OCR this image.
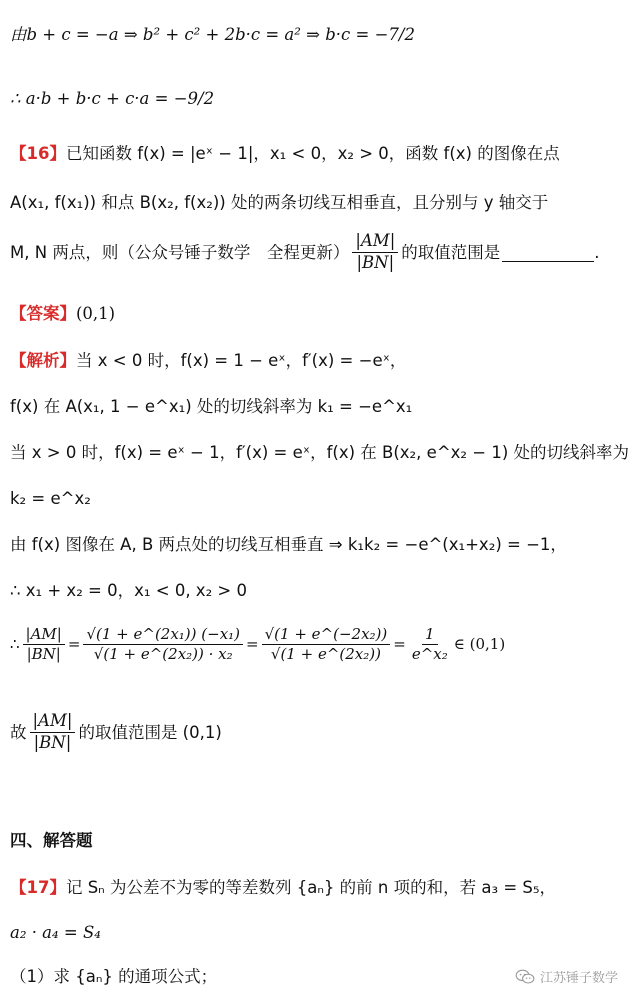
由b + c = −a ⇒ b² + c² + 2b·c = a² ⇒ b·c = −7/2
∴ a·b + b·c + c·a = −9/2
【16】 已知函数 f(x) = |eˣ − 1|，x₁ < 0，x₂ > 0，函数 f(x) 的图像在点
A(x₁, f(x₁)) 和点 B(x₂, f(x₂)) 处的两条切线互相垂直，且分别与 y 轴交于
M, N 两点，则（公众号锤子数学　全程更新） $\frac{|AM|}{|BN|}$ 的取值范围是	.
【答案】 (0,1)
【解析】 当 x < 0 时，f(x) = 1 − eˣ，f′(x) = −eˣ，
f(x) 在 A(x₁, 1 − e^x₁) 处的切线斜率为 k₁ = −e^x₁
当 x > 0 时，f(x) = eˣ − 1，f′(x) = eˣ，f(x) 在 B(x₂, e^x₂ − 1) 处的切线斜率为
k₂ = e^x₂
由 f(x) 图像在 A, B 两点处的切线互相垂直 ⇒ k₁k₂ = −e^(x₁+x₂) = −1，
∴ x₁ + x₂ = 0，x₁ < 0, x₂ > 0
∴ $\frac{|AM|}{|BN|} = \frac{\text{√(1 + e\textasciicircum{}(2x₁)) (−x₁)}}{\text{√(1 + e\textasciicircum{}(2x₂)) · x₂}} = \frac{\text{√(1 + e\textasciicircum{}(−2x₂))}}{\text{√(1 + e\textasciicircum{}(2x₂))}} = \frac{1}{\text{e\textasciicircum{}x₂}}$ ∈ (0,1)
故 $\frac{|AM|}{|BN|}$ 的取值范围是 (0,1)
四、解答题
【17】 记 Sₙ 为公差不为零的等差数列 {aₙ} 的前 n 项的和，若 a₃ = S₅，
a₂ · a₄ = S₄
（1）求 {aₙ} 的通项公式；	江苏锤子数学
